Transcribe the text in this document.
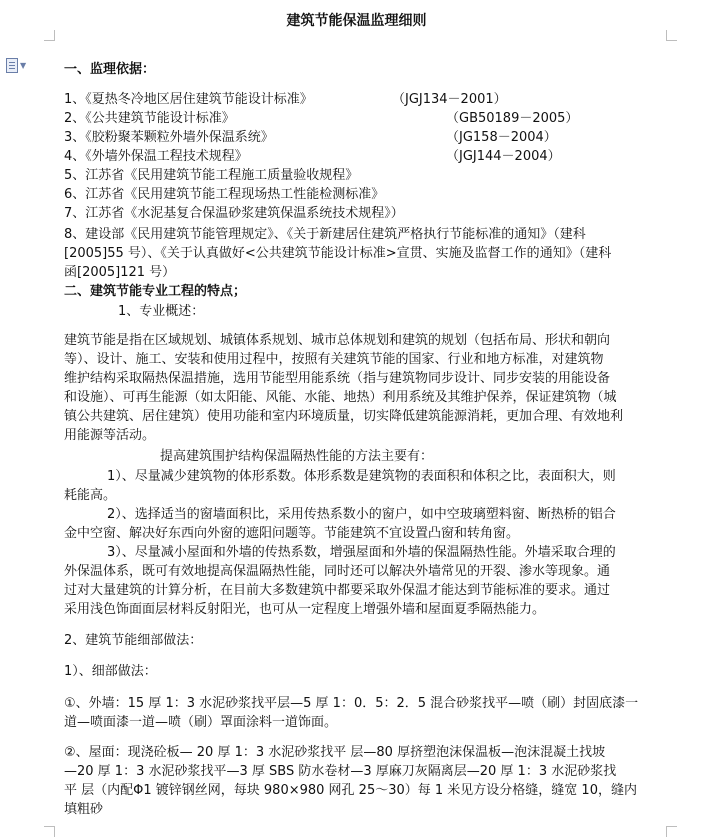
▼
建筑节能保温监理细则
一、监理依据：
1、《夏热冬冷地区居住建筑节能设计标准》	（JGJ134－2001）
2、《公共建筑节能设计标准》	（GB50189－2005）
3、《胶粉聚苯颗粒外墙外保温系统》	（JG158－2004）
4、《外墙外保温工程技术规程》	（JGJ144－2004）
5、江苏省《民用建筑节能工程施工质量验收规程》
6、江苏省《民用建筑节能工程现场热工性能检测标准》
7、江苏省《水泥基复合保温砂浆建筑保温系统技术规程》）
8、建设部《民用建筑节能管理规定》、《关于新建居住建筑严格执行节能标准的通知》（建科
[2005]55 号）、《关于认真做好<公共建筑节能设计标准>宣贯、实施及监督工作的通知》（建科
函[2005]121 号）
二、建筑节能专业工程的特点；
1、专业概述：
建筑节能是指在区域规划、城镇体系规划、城市总体规划和建筑的规划（包括布局、形状和朝向
等）、设计、施工、安装和使用过程中，按照有关建筑节能的国家、行业和地方标准，对建筑物
维护结构采取隔热保温措施，选用节能型用能系统（指与建筑物同步设计、同步安装的用能设备
和设施）、可再生能源（如太阳能、风能、水能、地热）利用系统及其维护保养，保证建筑物（城
镇公共建筑、居住建筑）使用功能和室内环境质量，切实降低建筑能源消耗，更加合理、有效地利
用能源等活动。
提高建筑围护结构保温隔热性能的方法主要有：
1）、尽量减少建筑物的体形系数。体形系数是建筑物的表面积和体积之比，表面积大，则
耗能高。
2）、选择适当的窗墙面积比，采用传热系数小的窗户，如中空玻璃塑料窗、断热桥的铝合
金中空窗、解决好东西向外窗的遮阳问题等。节能建筑不宜设置凸窗和转角窗。
3）、尽量减小屋面和外墙的传热系数，增强屋面和外墙的保温隔热性能。外墙采取合理的
外保温体系，既可有效地提高保温隔热性能，同时还可以解决外墙常见的开裂、渗水等现象。通
过对大量建筑的计算分析，在目前大多数建筑中都要采取外保温才能达到节能标准的要求。通过
采用浅色饰面面层材料反射阳光，也可从一定程度上增强外墙和屋面夏季隔热能力。
2、建筑节能细部做法：
1）、细部做法：
①、外墙：15 厚 1：3 水泥砂浆找平层—5 厚 1：0．5：2．5 混合砂浆找平—喷（刷）封固底漆一
道—喷面漆一道—喷（刷）罩面涂料一道饰面。
②、屋面：现浇砼板— 20 厚 1：3 水泥砂浆找平 层—80 厚挤塑泡沫保温板—泡沫混凝土找坡
—20 厚 1：3 水泥砂浆找平—3 厚 SBS 防水卷材—3 厚麻刀灰隔离层—20 厚 1：3 水泥砂浆找
平 层（内配Φ1 镀锌钢丝网，每块 980×980 网孔 25～30）每 1 米见方设分格缝，缝宽 10，缝内
填粗砂
